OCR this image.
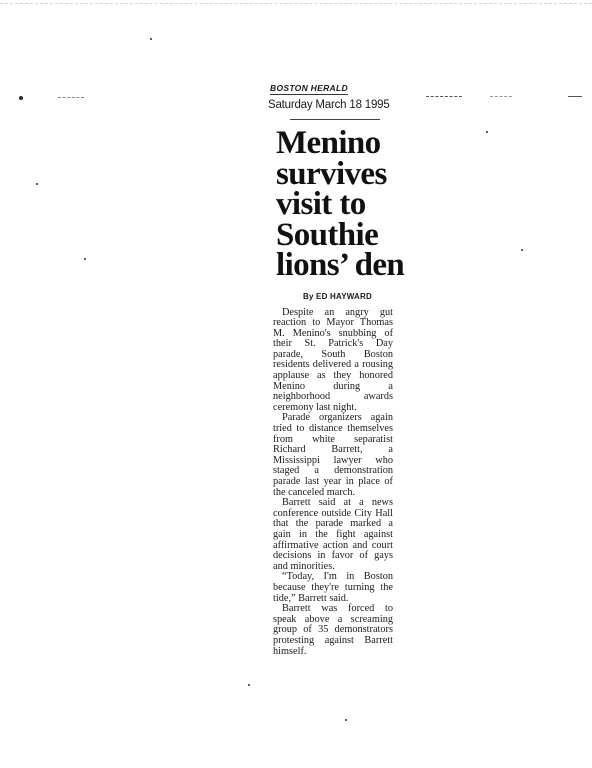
BOSTON HERALD
Saturday March 18 1995
Menino
survives
visit to
Southie
lions’ den
By ED HAYWARD

Despite an angry gut reaction to Mayor Thomas M. Menino's snubbing of their St. Patrick's Day parade, South Boston residents delivered a rousing applause as they honored Menino during a neighborhood awards ceremony last night.

Parade organizers again tried to distance themselves from white separatist Richard Barrett, a Mississippi lawyer who staged a demonstration parade last year in place of the canceled march.

Barrett said at a news conference outside City Hall that the parade marked a gain in the fight against affirmative action and court decisions in favor of gays and minorities.

“Today, I'm in Boston because they're turning the tide,” Barrett said.

Barrett was forced to speak above a screaming group of 35 demonstrators protesting against Barrett himself.
